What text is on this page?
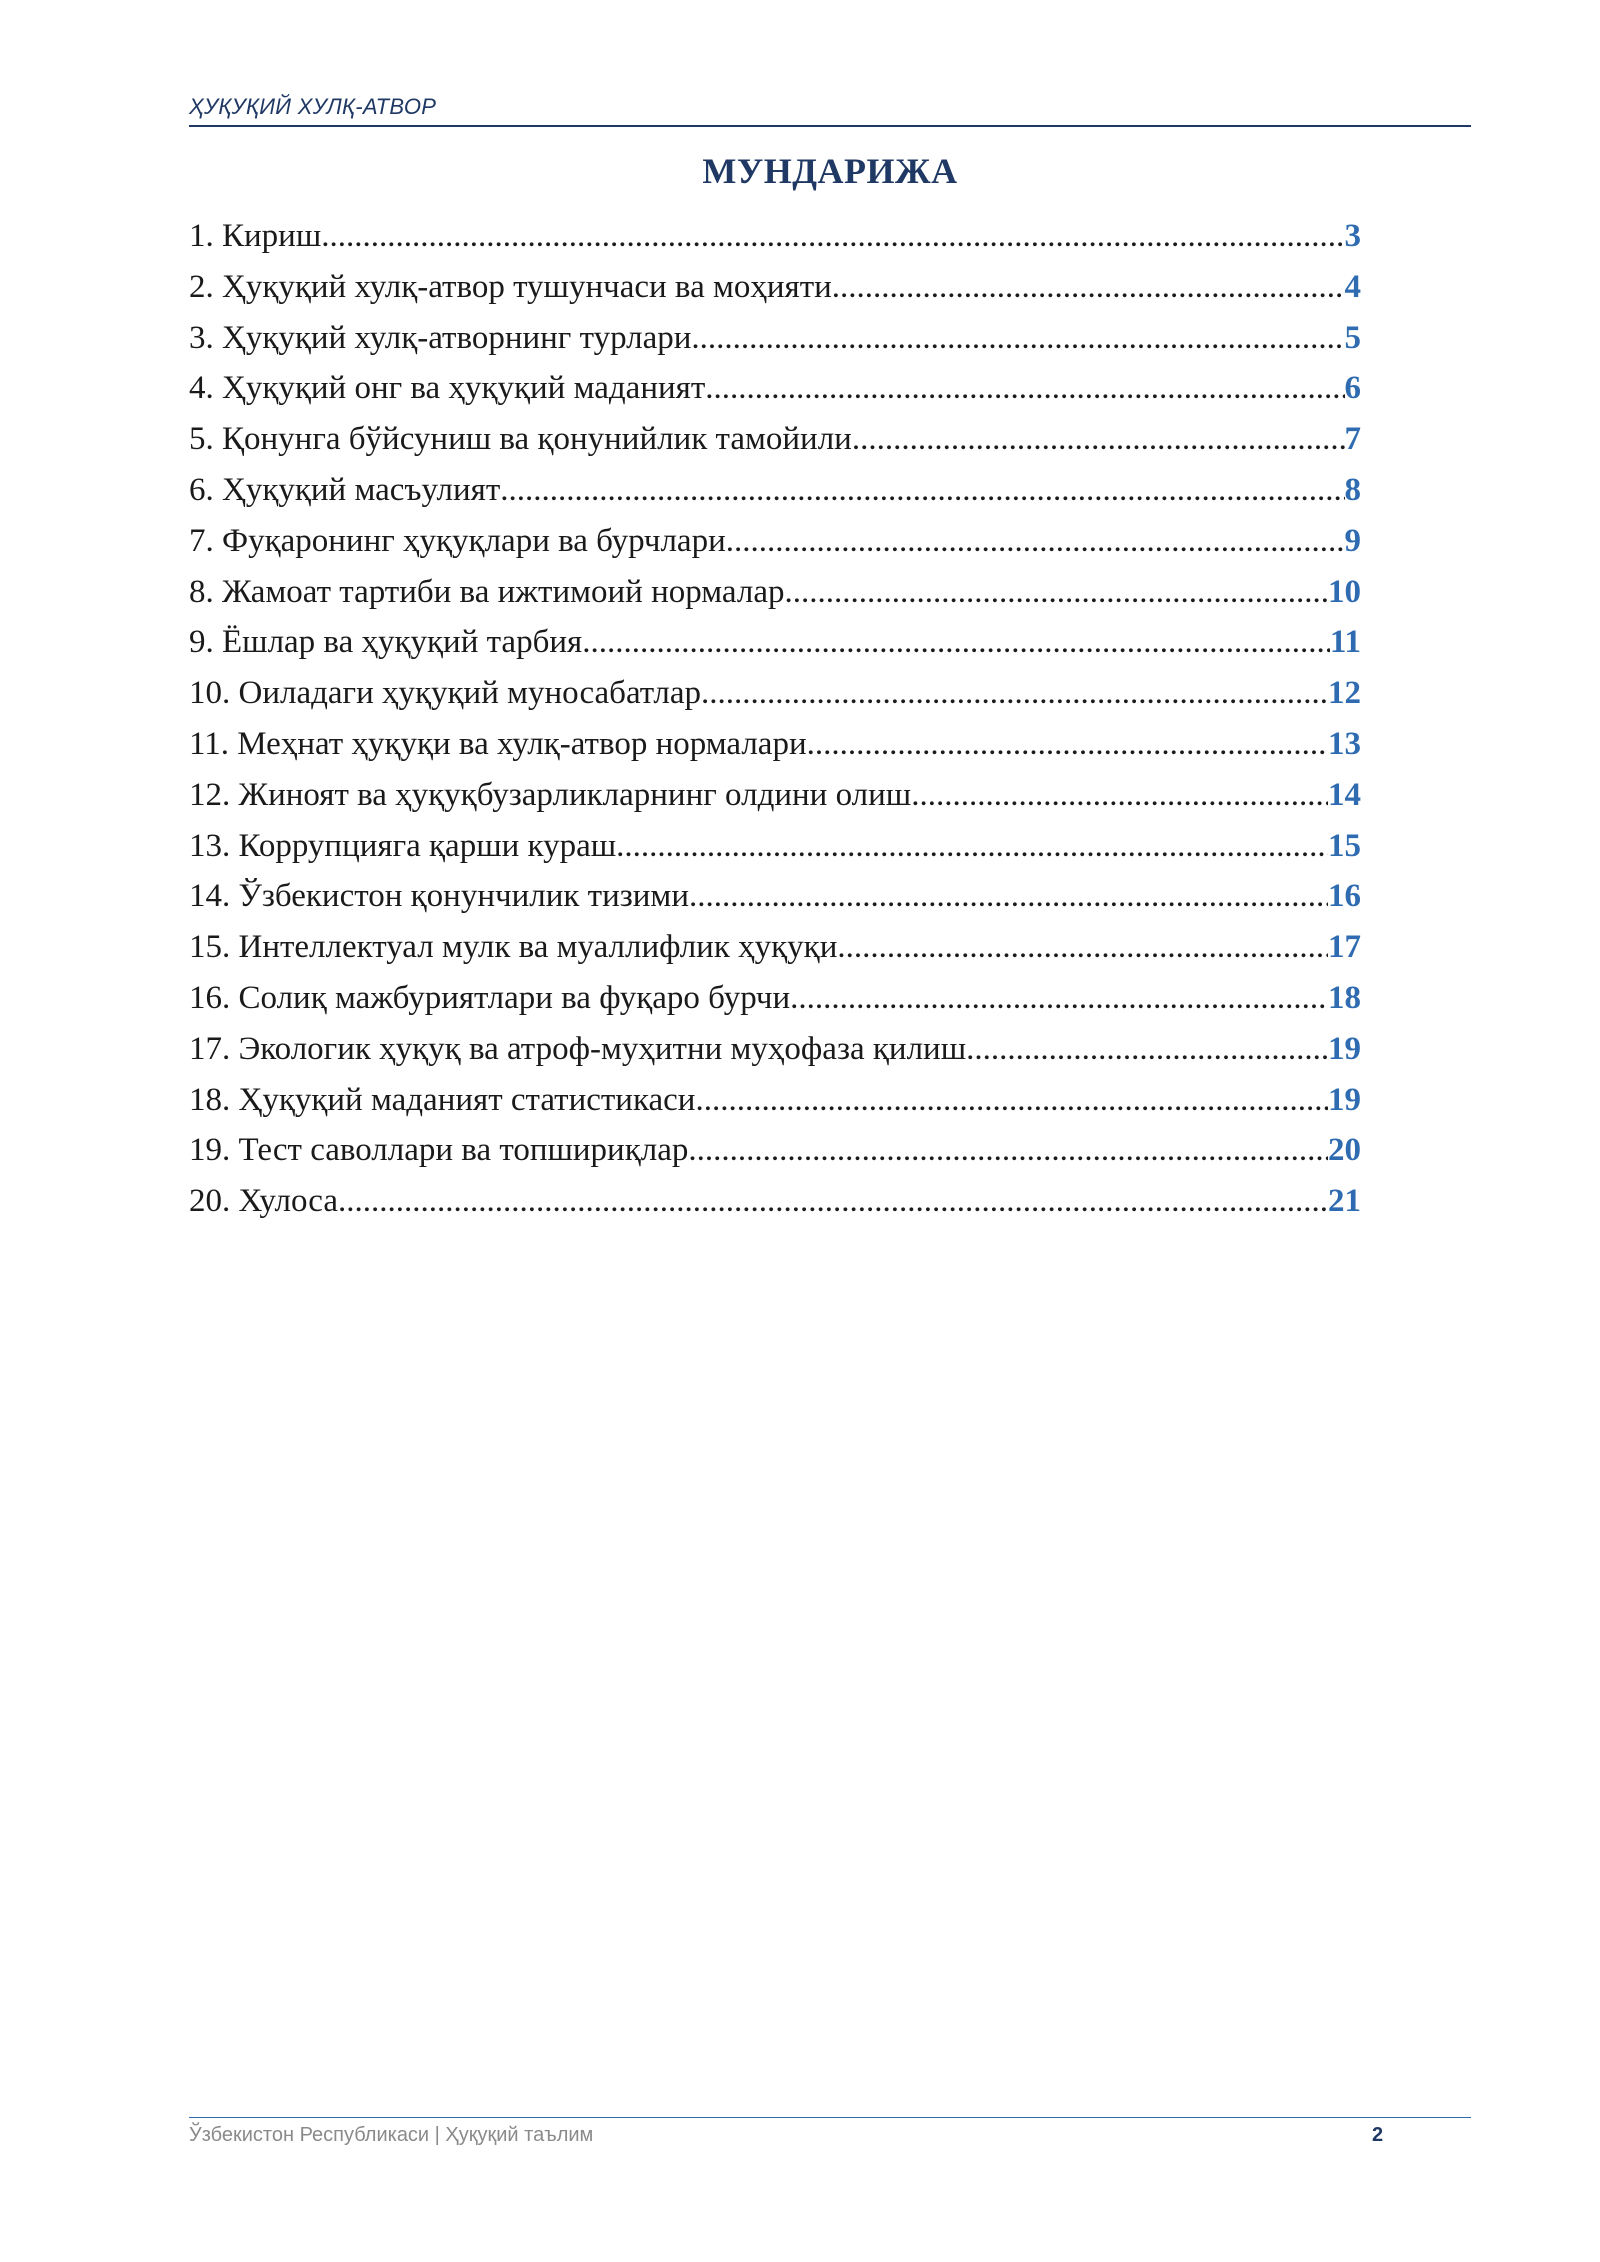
ҲУҚУҚИЙ ХУЛҚ-АТВОР
МУНДАРИЖА
1. Кириш .....	3
2. Ҳуқуқий хулқ-атвор тушунчаси ва моҳияти .....	4
3. Ҳуқуқий хулқ-атворнинг турлари .....	5
4. Ҳуқуқий онг ва ҳуқуқий маданият .....	6
5. Қонунга бўйсуниш ва қонунийлик тамойили .....	7
6. Ҳуқуқий масъулият .....	8
7. Фуқаронинг ҳуқуқлари ва бурчлари .....	9
8. Жамоат тартиби ва ижтимоий нормалар .....	10
9. Ёшлар ва ҳуқуқий тарбия .....	11
10. Оиладаги ҳуқуқий муносабатлар .....	12
11. Меҳнат ҳуқуқи ва хулқ-атвор нормалари .....	13
12. Жиноят ва ҳуқуқбузарликларнинг олдини олиш .....	14
13. Коррупцияга қарши кураш .....	15
14. Ўзбекистон қонунчилик тизими .....	16
15. Интеллектуал мулк ва муаллифлик ҳуқуқи .....	17
16. Солиқ мажбуриятлари ва фуқаро бурчи .....	18
17. Экологик ҳуқуқ ва атроф-муҳитни муҳофаза қилиш .....	19
18. Ҳуқуқий маданият статистикаси .....	19
19. Тест саволлари ва топшириқлар .....	20
20. Хулоса .....	21
Ўзбекистон Республикаси | Ҳуқуқий таълим	2
